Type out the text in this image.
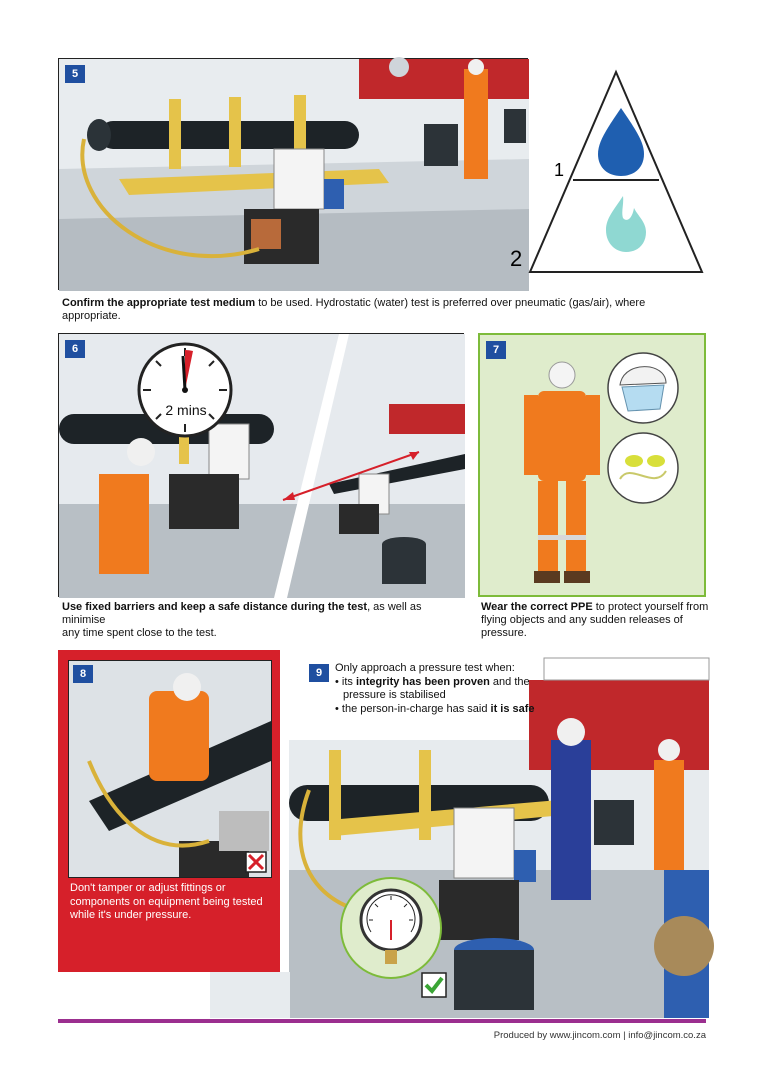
5
1
2
Confirm the appropriate test medium to be used. Hydrostatic (water) test is preferred over pneumatic (gas/air), where appropriate.
6
2 mins
Use fixed barriers and keep a safe distance during the test, as well as minimise
any time spent close to the test.
7
Wear the correct PPE to protect yourself from
flying objects and any sudden releases of pressure.
8
Don't tamper or adjust fittings or
components on equipment being tested
while it's under pressure.
9	Only approach a pressure test when:
• its integrity has been proven and the
pressure is stabilised
• the person-in-charge has said it is safe
Produced by www.jincom.com | info@jincom.co.za
